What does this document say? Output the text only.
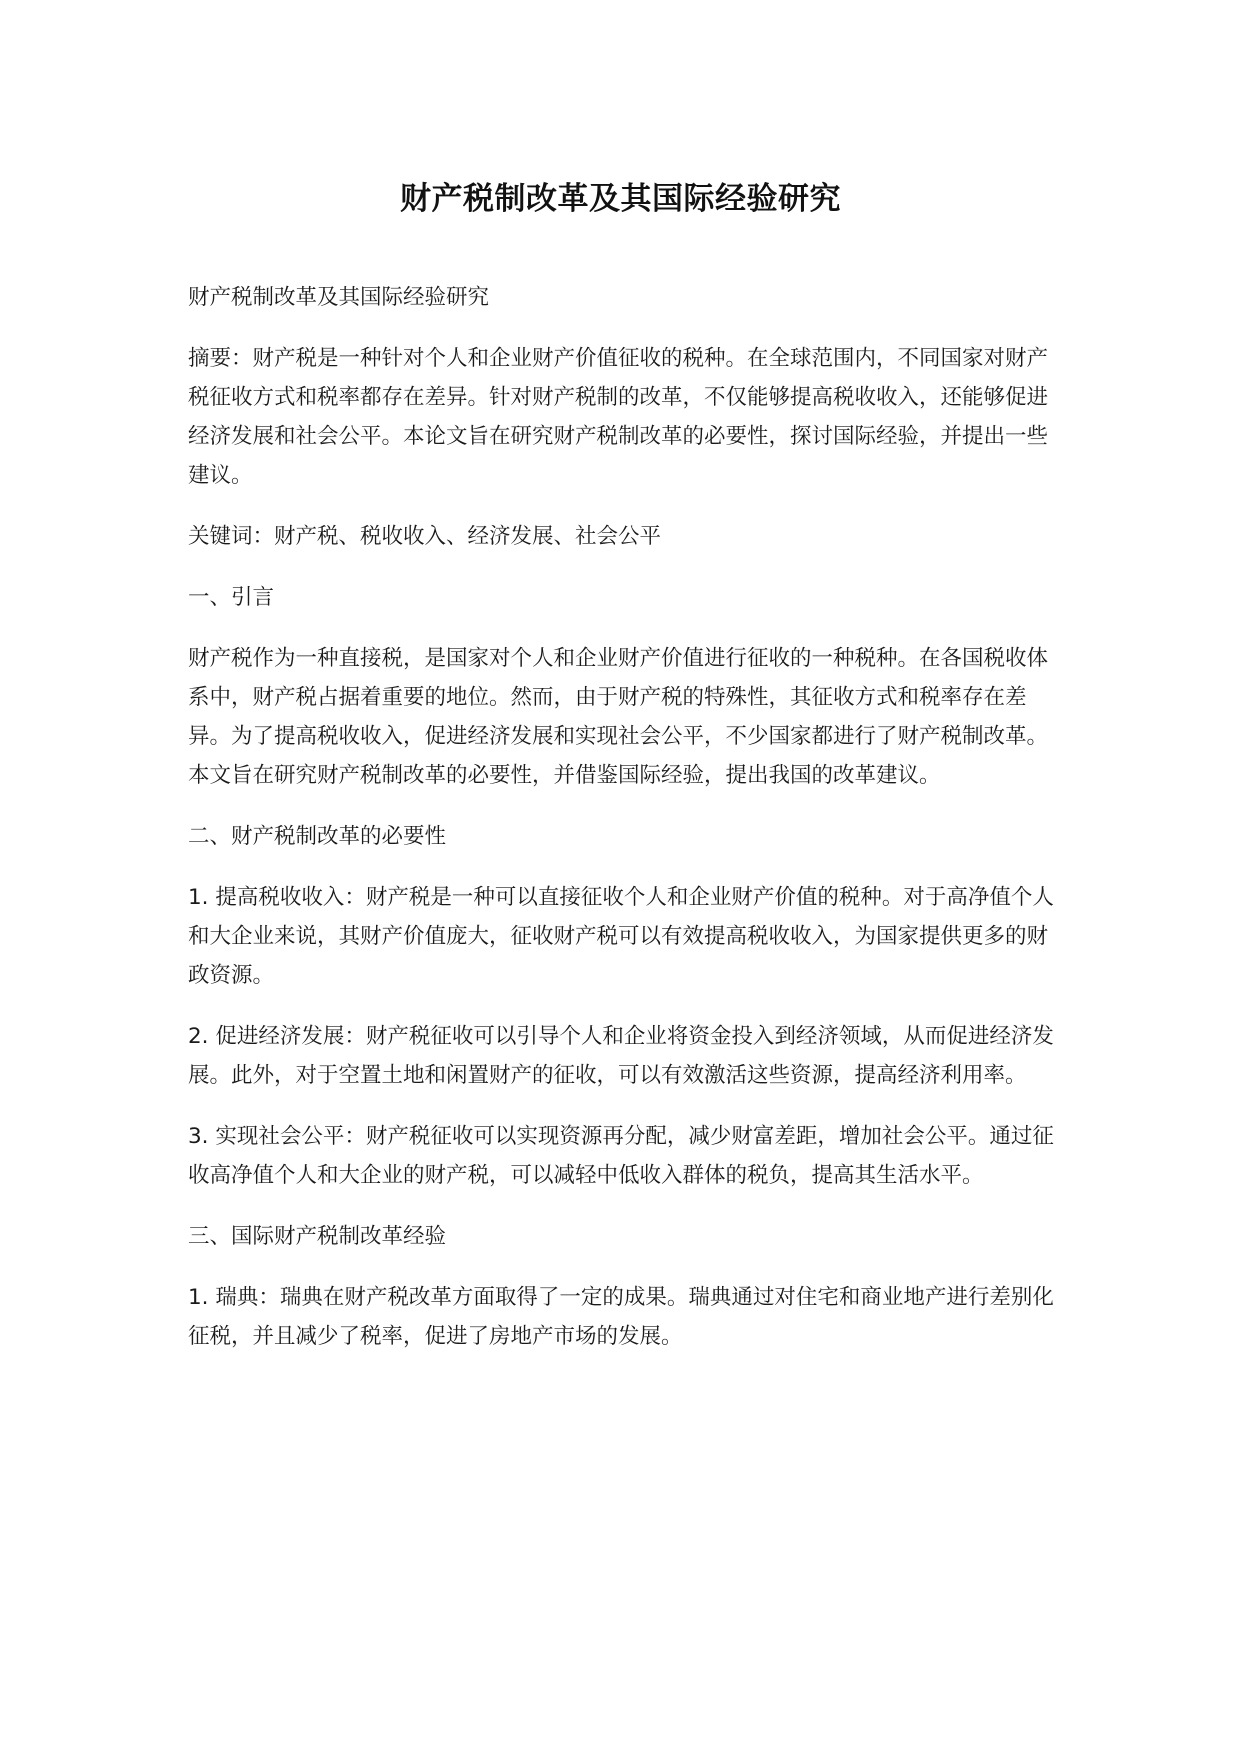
财产税制改革及其国际经验研究

财产税制改革及其国际经验研究

摘要：财产税是一种针对个人和企业财产价值征收的税种。在全球范围内，不同国家对财产税征收方式和税率都存在差异。针对财产税制的改革，不仅能够提高税收收入，还能够促进经济发展和社会公平。本论文旨在研究财产税制改革的必要性，探讨国际经验，并提出一些建议。

关键词：财产税、税收收入、经济发展、社会公平

一、引言

财产税作为一种直接税，是国家对个人和企业财产价值进行征收的一种税种。在各国税收体系中，财产税占据着重要的地位。然而，由于财产税的特殊性，其征收方式和税率存在差异。为了提高税收收入，促进经济发展和实现社会公平，不少国家都进行了财产税制改革。本文旨在研究财产税制改革的必要性，并借鉴国际经验，提出我国的改革建议。

二、财产税制改革的必要性

1. 提高税收收入：财产税是一种可以直接征收个人和企业财产价值的税种。对于高净值个人和大企业来说，其财产价值庞大，征收财产税可以有效提高税收收入，为国家提供更多的财政资源。

2. 促进经济发展：财产税征收可以引导个人和企业将资金投入到经济领域，从而促进经济发展。此外，对于空置土地和闲置财产的征收，可以有效激活这些资源，提高经济利用率。

3. 实现社会公平：财产税征收可以实现资源再分配，减少财富差距，增加社会公平。通过征收高净值个人和大企业的财产税，可以减轻中低收入群体的税负，提高其生活水平。

三、国际财产税制改革经验

1. 瑞典：瑞典在财产税改革方面取得了一定的成果。瑞典通过对住宅和商业地产进行差别化征税，并且减少了税率，促进了房地产市场的发展。
